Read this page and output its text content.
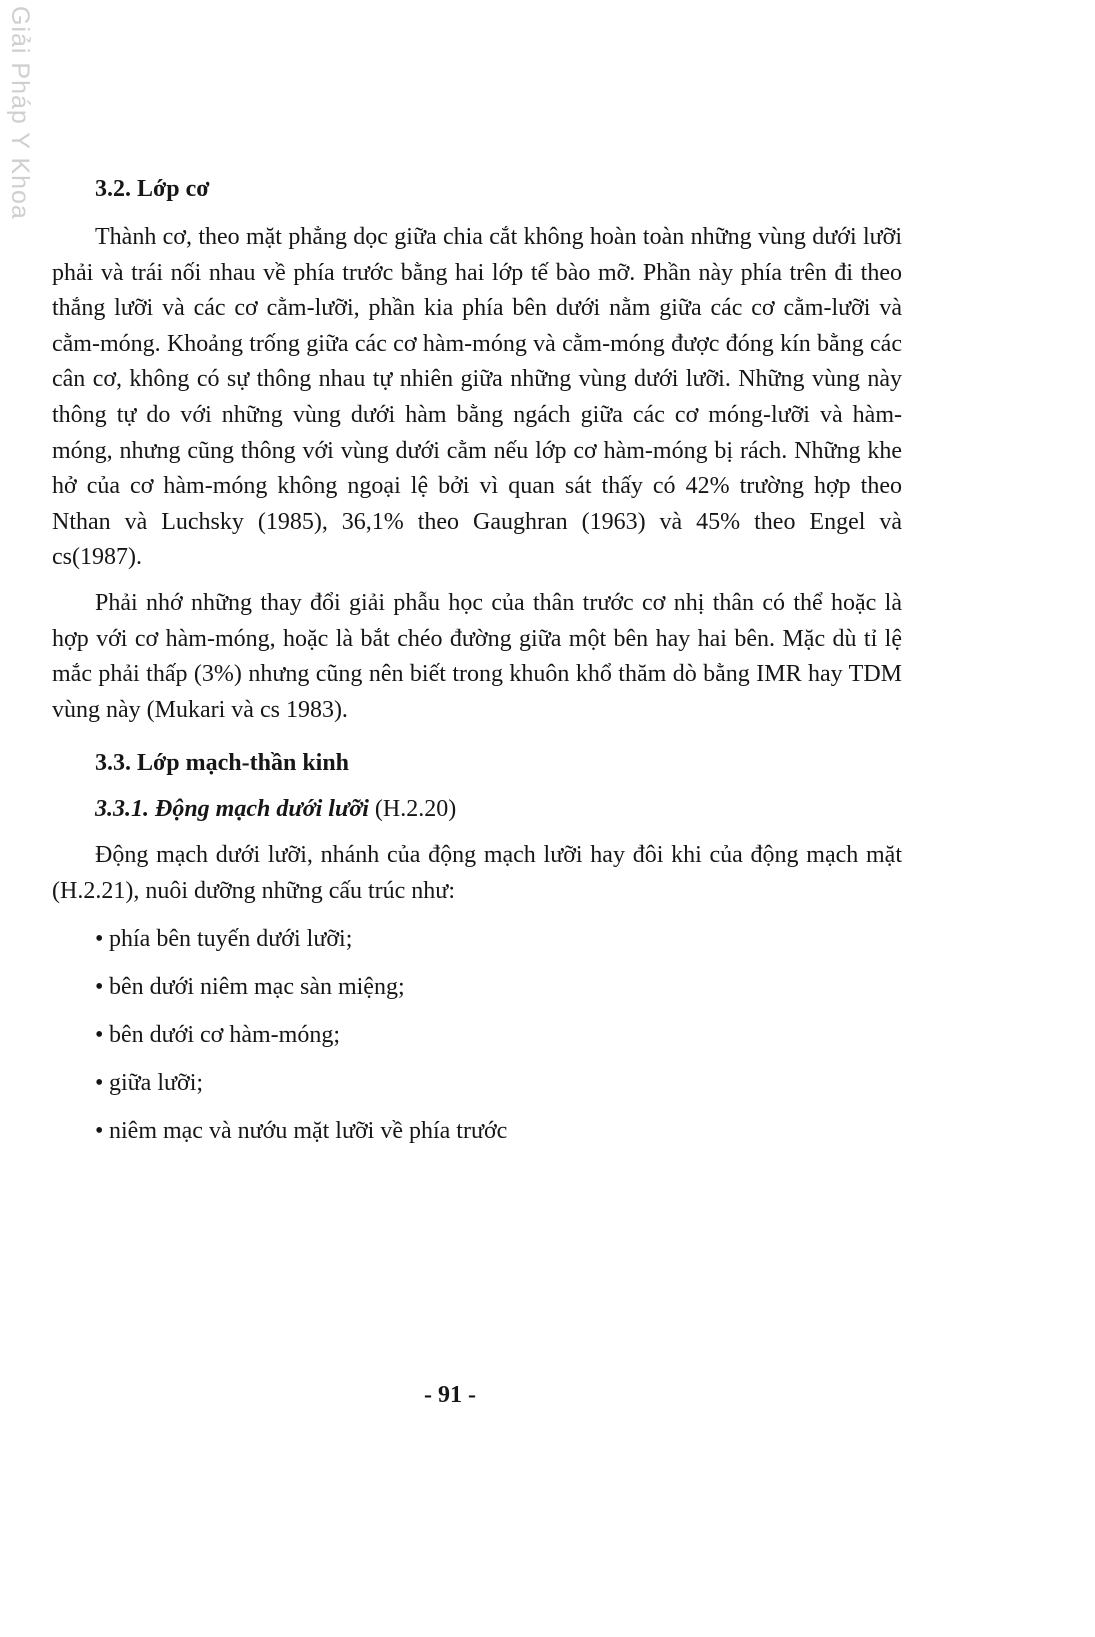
Giải Pháp Y Khoa	3.2. Lớp cơ

Thành cơ, theo mặt phẳng dọc giữa chia cắt không hoàn toàn những vùng dưới lưỡi phải và trái nối nhau về phía trước bằng hai lớp tế bào mỡ. Phần này phía trên đi theo thắng lưỡi và các cơ cằm-lưỡi, phần kia phía bên dưới nằm giữa các cơ cằm-lưỡi và cằm-móng. Khoảng trống giữa các cơ hàm-móng và cằm-móng được đóng kín bằng các cân cơ, không có sự thông nhau tự nhiên giữa những vùng dưới lưỡi. Những vùng này thông tự do với những vùng dưới hàm bằng ngách giữa các cơ móng-lưỡi và hàm-móng, nhưng cũng thông với vùng dưới cằm nếu lớp cơ hàm-móng bị rách. Những khe hở của cơ hàm-móng không ngoại lệ bởi vì quan sát thấy có 42% trường hợp theo Nthan và Luchsky (1985), 36,1% theo Gaughran (1963) và 45% theo Engel và cs(1987).

Phải nhớ những thay đổi giải phẫu học của thân trước cơ nhị thân có thể hoặc là hợp với cơ hàm-móng, hoặc là bắt chéo đường giữa một bên hay hai bên. Mặc dù tỉ lệ mắc phải thấp (3%) nhưng cũng nên biết trong khuôn khổ thăm dò bằng IMR hay TDM vùng này (Mukari và cs 1983).

3.3. Lớp mạch-thần kinh
3.3.1. Động mạch dưới lưỡi (H.2.20)

Động mạch dưới lưỡi, nhánh của động mạch lưỡi hay đôi khi của động mạch mặt (H.2.21), nuôi dưỡng những cấu trúc như:

• phía bên tuyến dưới lưỡi;
• bên dưới niêm mạc sàn miệng;
• bên dưới cơ hàm-móng;
• giữa lưỡi;
• niêm mạc và nướu mặt lưỡi về phía trước
- 91 -
